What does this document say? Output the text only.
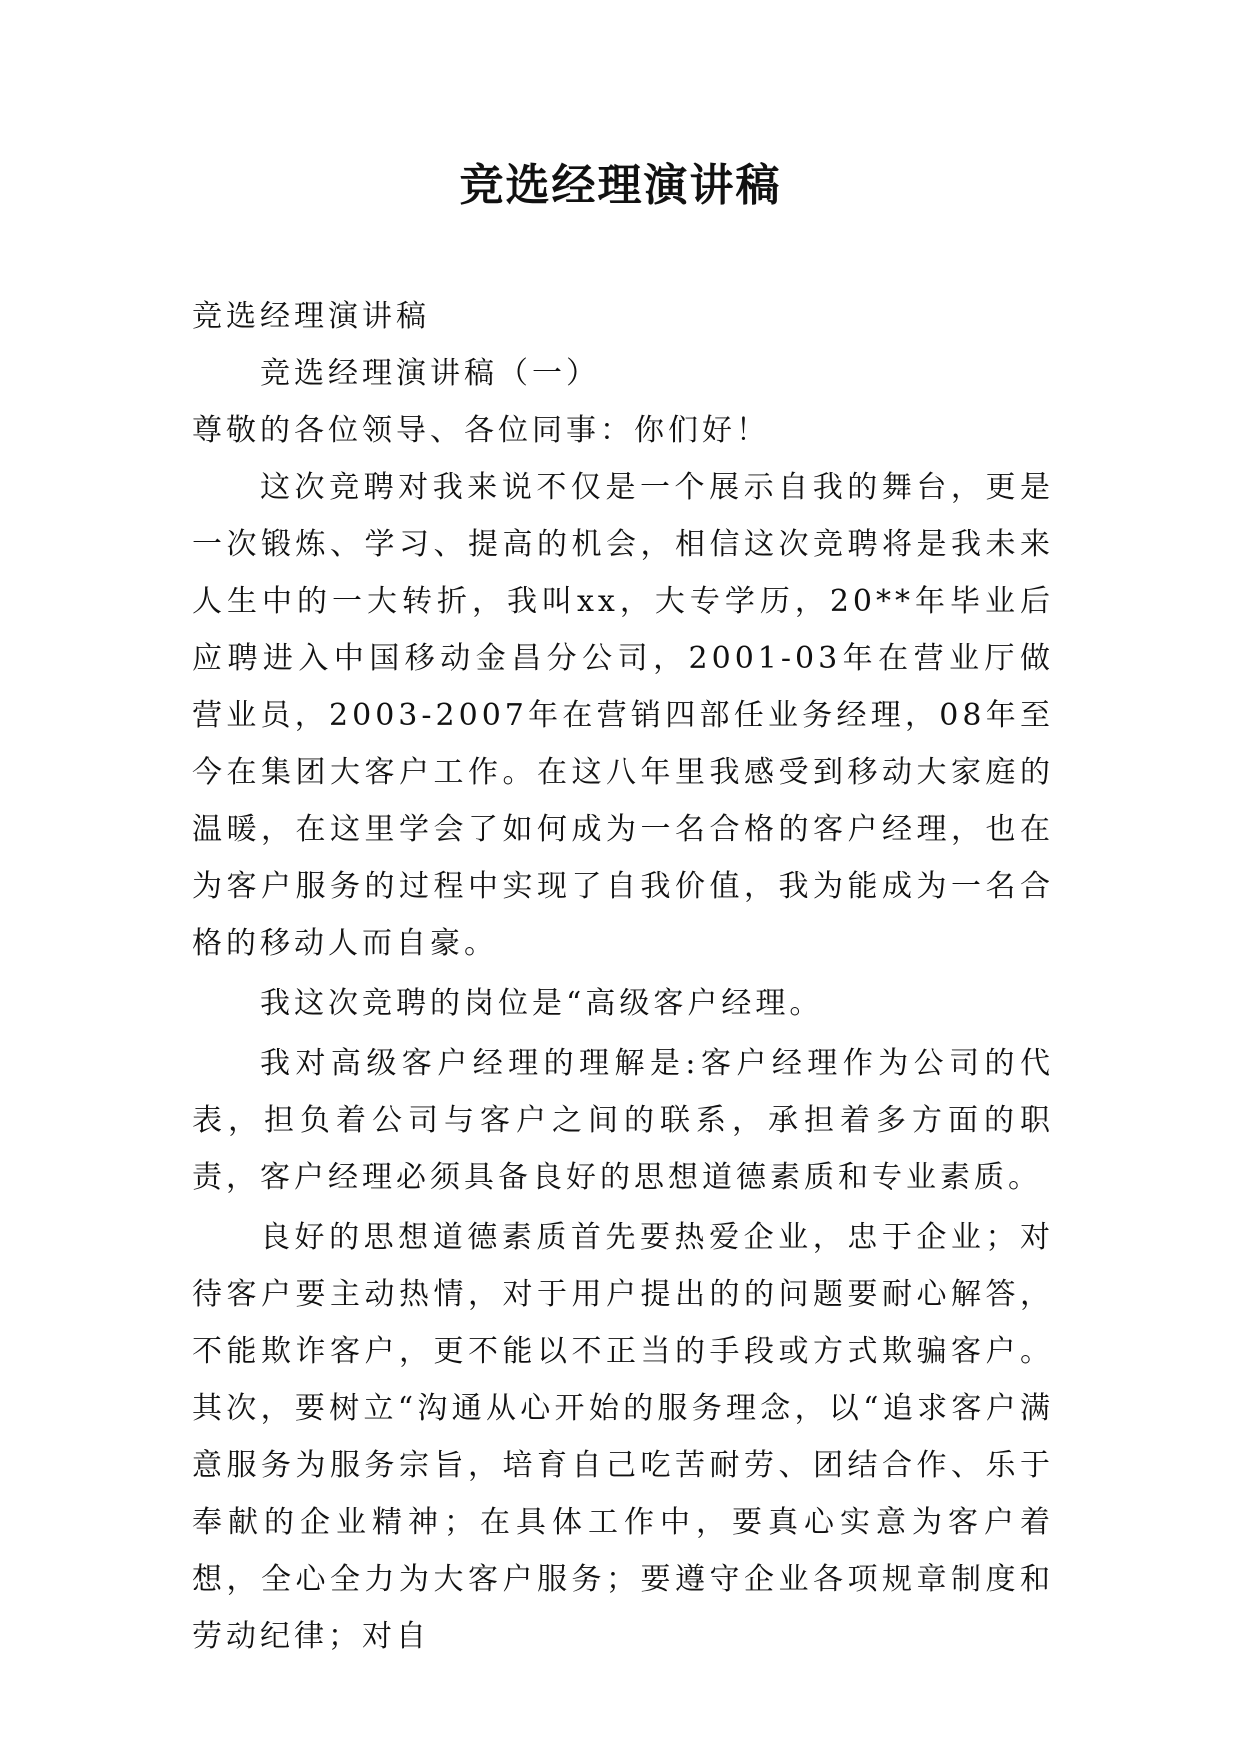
竞选经理演讲稿

竞选经理演讲稿

竞选经理演讲稿（一）

尊敬的各位领导、各位同事：你们好！

这次竞聘对我来说不仅是一个展示自我的舞台，更是一次锻炼、学习、提高的机会，相信这次竞聘将是我未来人生中的一大转折，我叫xx，大专学历，20**年毕业后应聘进入中国移动金昌分公司，2001-03年在营业厅做营业员，2003-2007年在营销四部任业务经理，08年至今在集团大客户工作。在这八年里我感受到移动大家庭的温暖，在这里学会了如何成为一名合格的客户经理，也在为客户服务的过程中实现了自我价值，我为能成为一名合格的移动人而自豪。

我这次竞聘的岗位是“高级客户经理。

我对高级客户经理的理解是:客户经理作为公司的代表，担负着公司与客户之间的联系，承担着多方面的职责，客户经理必须具备良好的思想道德素质和专业素质。

良好的思想道德素质首先要热爱企业，忠于企业；对待客户要主动热情，对于用户提出的的问题要耐心解答，不能欺诈客户，更不能以不正当的手段或方式欺骗客户。其次，要树立“沟通从心开始的服务理念，以“追求客户满意服务为服务宗旨，培育自己吃苦耐劳、团结合作、乐于奉献的企业精神；在具体工作中，要真心实意为客户着想，全心全力为大客户服务；要遵守企业各项规章制度和劳动纪律；对自
